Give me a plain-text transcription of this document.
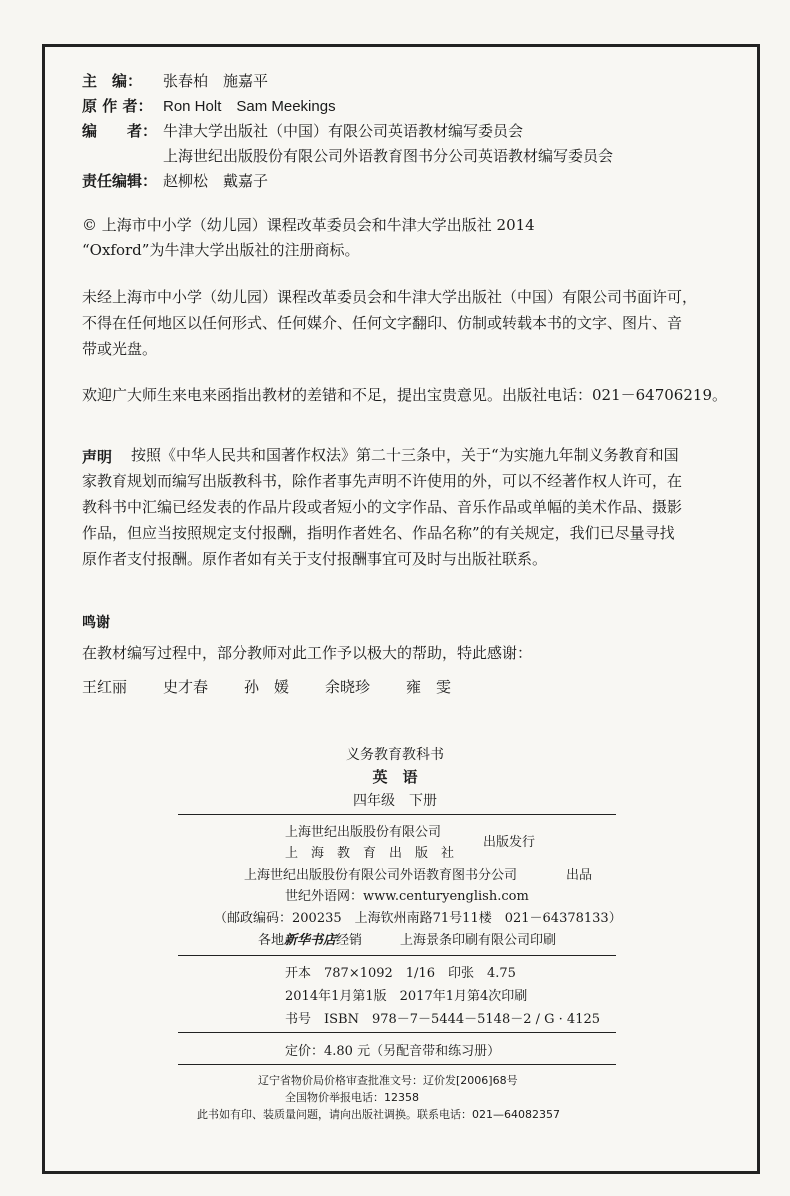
主　编： 张春柏　施嘉平
原 作 者： Ron Holt　Sam Meekings
编　　者： 牛津大学出版社（中国）有限公司英语教材编写委员会
上海世纪出版股份有限公司外语教育图书分公司英语教材编写委员会
责任编辑： 赵柳松　戴嘉子
© 上海市中小学（幼儿园）课程改革委员会和牛津大学出版社 2014
“Oxford”为牛津大学出版社的注册商标。
未经上海市中小学（幼儿园）课程改革委员会和牛津大学出版社（中国）有限公司书面许可，
不得在任何地区以任何形式、任何媒介、任何文字翻印、仿制或转载本书的文字、图片、音
带或光盘。
欢迎广大师生来电来函指出教材的差错和不足，提出宝贵意见。出版社电话：021－64706219。
声明 　按照《中华人民共和国著作权法》第二十三条中，关于“为实施九年制义务教育和国
家教育规划而编写出版教科书，除作者事先声明不许使用的外，可以不经著作权人许可，在
教科书中汇编已经发表的作品片段或者短小的文字作品、音乐作品或单幅的美术作品、摄影
作品，但应当按照规定支付报酬，指明作者姓名、作品名称”的有关规定，我们已尽量寻找
原作者支付报酬。原作者如有关于支付报酬事宜可及时与出版社联系。
鸣谢
在教材编写过程中，部分教师对此工作予以极大的帮助，特此感谢：
王红丽 史才春 孙　媛 余晓珍 雍　雯
义务教育教科书
英　语
四年级　下册
上海世纪出版股份有限公司
上　海　教　育　出　版　社
出版发行
上海世纪出版股份有限公司外语教育图书分公司	出品
世纪外语网：www.centuryenglish.com
（邮政编码：200235　上海钦州南路71号11楼　021－64378133）
各地新华书店经销	上海景条印刷有限公司印刷
开本　787×1092　1/16　印张　4.75
2014年1月第1版　2017年1月第4次印刷
书号　ISBN　978－7－5444－5148－2 / G · 4125
定价：4.80 元（另配音带和练习册）
辽宁省物价局价格审查批准文号：辽价发[2006]68号
全国物价举报电话：12358
此书如有印、装质量问题，请向出版社调换。联系电话：021—64082357
